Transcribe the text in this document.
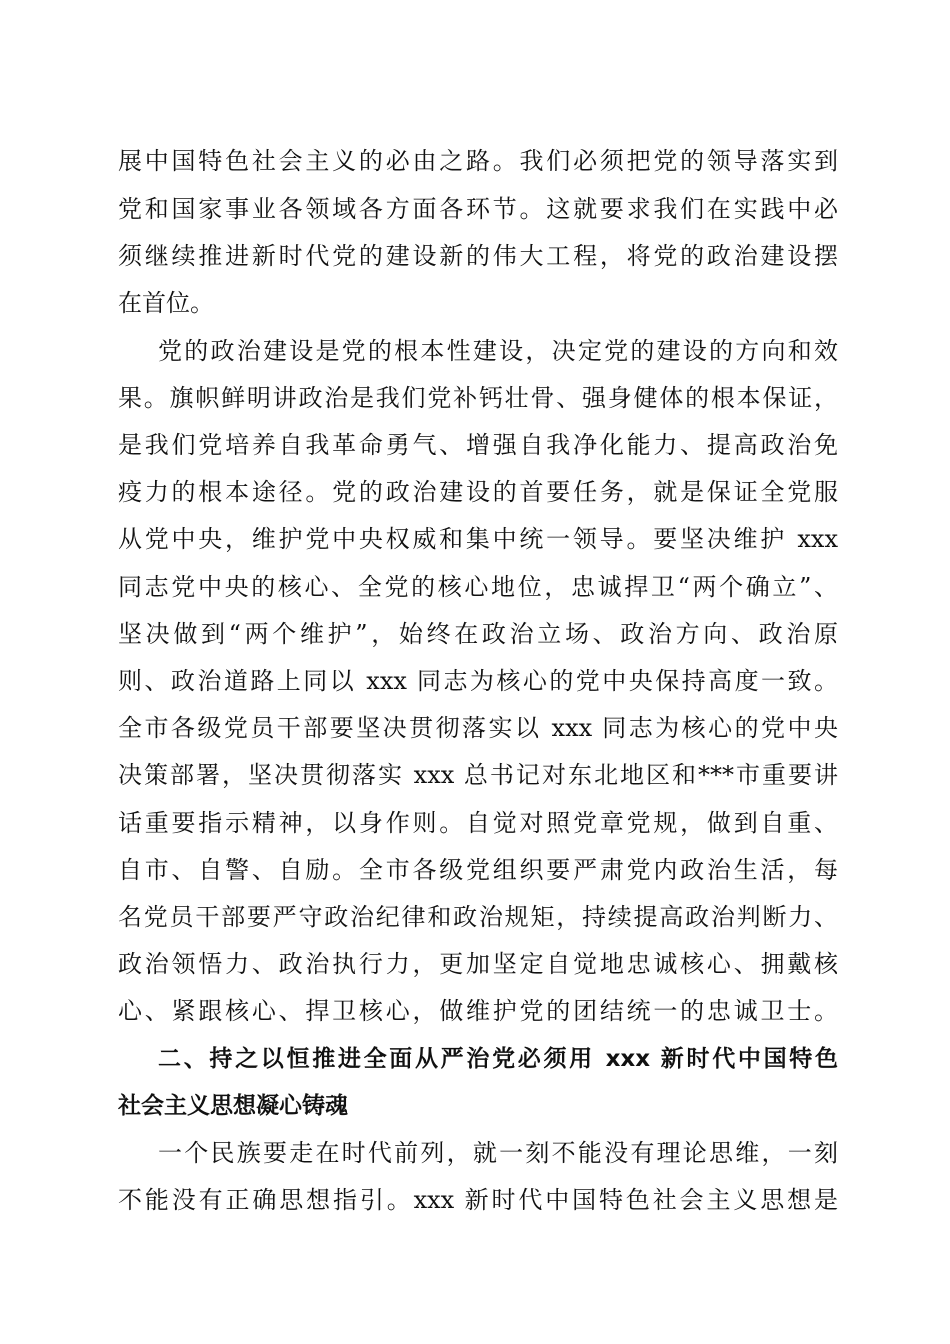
展中国特色社会主义的必由之路。我们必须把党的领导落实到

党和国家事业各领域各方面各环节。这就要求我们在实践中必

须继续推进新时代党的建设新的伟大工程，将党的政治建设摆

在首位。

党的政治建设是党的根本性建设，决定党的建设的方向和效

果。旗帜鲜明讲政治是我们党补钙壮骨、强身健体的根本保证，

是我们党培养自我革命勇气、增强自我净化能力、提高政治免

疫力的根本途径。党的政治建设的首要任务，就是保证全党服

从党中央，维护党中央权威和集中统一领导。要坚决维护 xxx

同志党中央的核心、全党的核心地位，忠诚捍卫“两个确立”、

坚决做到“两个维护”，始终在政治立场、政治方向、政治原

则、政治道路上同以 xxx 同志为核心的党中央保持高度一致。

全市各级党员干部要坚决贯彻落实以 xxx 同志为核心的党中央

决策部署，坚决贯彻落实 xxx 总书记对东北地区和***市重要讲

话重要指示精神，以身作则。自觉对照党章党规，做到自重、

自市、自警、自励。全市各级党组织要严肃党内政治生活，每

名党员干部要严守政治纪律和政治规矩，持续提高政治判断力、

政治领悟力、政治执行力，更加坚定自觉地忠诚核心、拥戴核

心、紧跟核心、捍卫核心，做维护党的团结统一的忠诚卫士。

二、持之以恒推进全面从严治党必须用 xxx 新时代中国特色

社会主义思想凝心铸魂

一个民族要走在时代前列，就一刻不能没有理论思维，一刻

不能没有正确思想指引。xxx 新时代中国特色社会主义思想是
